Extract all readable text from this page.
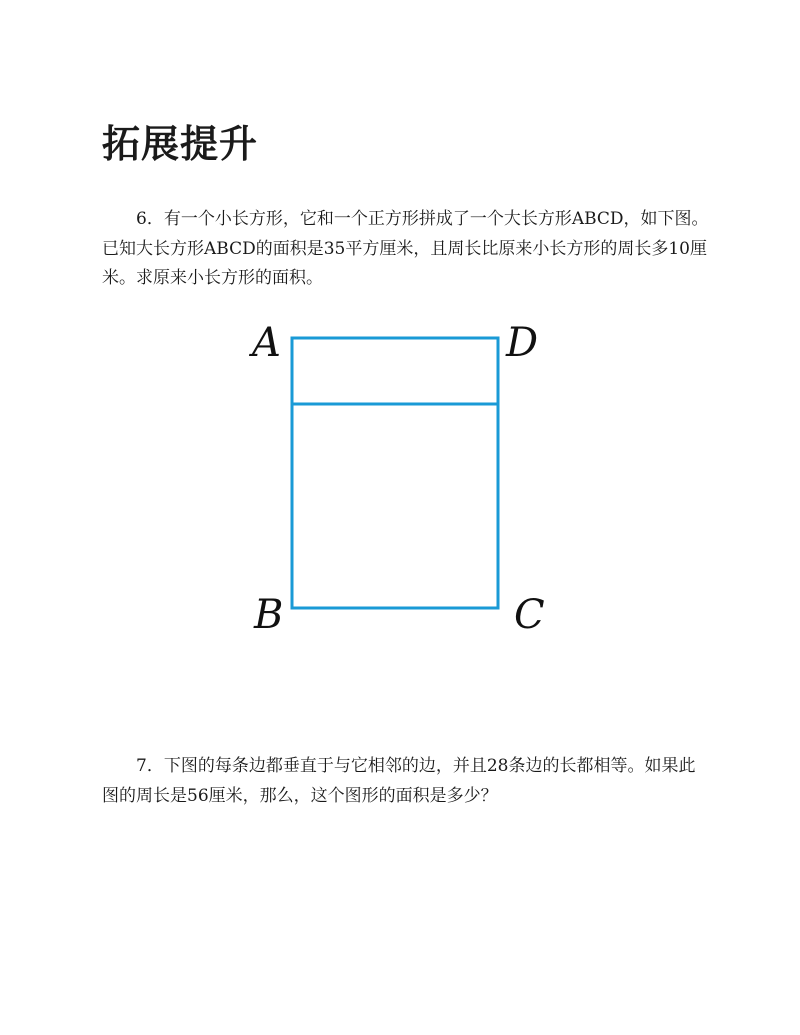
拓展提升

6．有一个小长方形，它和一个正方形拼成了一个大长方形ABCD，如下图。已知大长方形ABCD的面积是35平方厘米，且周长比原来小长方形的周长多10厘米。求原来小长方形的面积。

A	D
B	C

7．下图的每条边都垂直于与它相邻的边，并且28条边的长都相等。如果此图的周长是56厘米，那么，这个图形的面积是多少？
